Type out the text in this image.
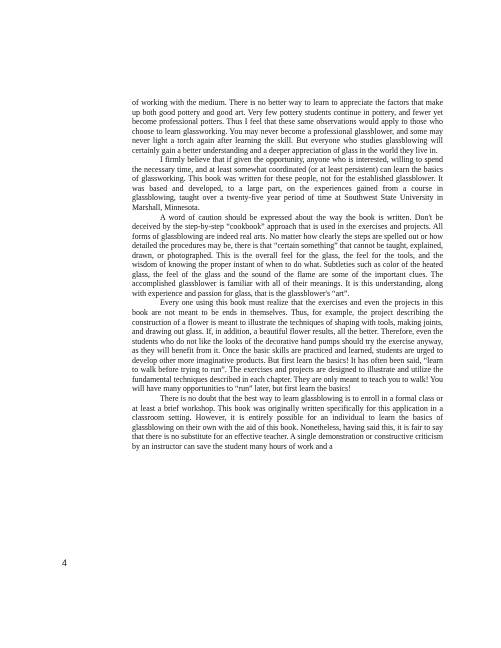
of working with the medium. There is no better way to learn to appreciate the factors that make up both good pottery and good art. Very few pottery students continue in pottery, and fewer yet become professional potters. Thus I feel that these same observations would apply to those who choose to learn glassworking. You may never become a professional glassblower, and some may never light a torch again after learning the skill. But everyone who studies glassblowing will certainly gain a better understanding and a deeper appreciation of glass in the world they live in.

I firmly believe that if given the opportunity, anyone who is interested, willing to spend the necessary time, and at least somewhat coordinated (or at least persistent) can learn the basics of glassworking. This book was written for these people, not for the established glassblower. It was based and developed, to a large part, on the experiences gained from a course in glassblowing, taught over a twenty-five year period of time at Southwest State University in Marshall, Minnesota.

A word of caution should be expressed about the way the book is written. Don't be deceived by the step-by-step “cookbook” approach that is used in the exercises and projects. All forms of glassblowing are indeed real arts. No matter how clearly the steps are spelled out or how detailed the procedures may be, there is that “certain something” that cannot be taught, explained, drawn, or photographed. This is the overall feel for the glass, the feel for the tools, and the wisdom of knowing the proper instant of when to do what. Subtleties such as color of the heated glass, the feel of the glass and the sound of the flame are some of the important clues. The accomplished glassblower is familiar with all of their meanings. It is this understanding, along with experience and passion for glass, that is the glassblower's “art”.

Every one using this book must realize that the exercises and even the projects in this book are not meant to be ends in themselves. Thus, for example, the project describing the construction of a flower is meant to illustrate the techniques of shaping with tools, making joints, and drawing out glass. If, in addition, a beautiful flower results, all the better. Therefore, even the students who do not like the looks of the decorative hand pumps should try the exercise anyway, as they will benefit from it. Once the basic skills are practiced and learned, students are urged to develop other more imaginative products. But first learn the basics! It has often been said, “learn to walk before trying to run”. The exercises and projects are designed to illustrate and utilize the fundamental techniques described in each chapter. They are only meant to teach you to walk! You will have many opportunities to “run” later, but first learn the basics!

There is no doubt that the best way to learn glassblowing is to enroll in a formal class or at least a brief workshop. This book was originally written specifically for this application in a classroom setting. However, it is entirely possible for an individual to learn the basics of glassblowing on their own with the aid of this book. Nonetheless, having said this, it is fair to say that there is no substitute for an effective teacher. A single demonstration or constructive criticism by an instructor can save the student many hours of work and a

4
